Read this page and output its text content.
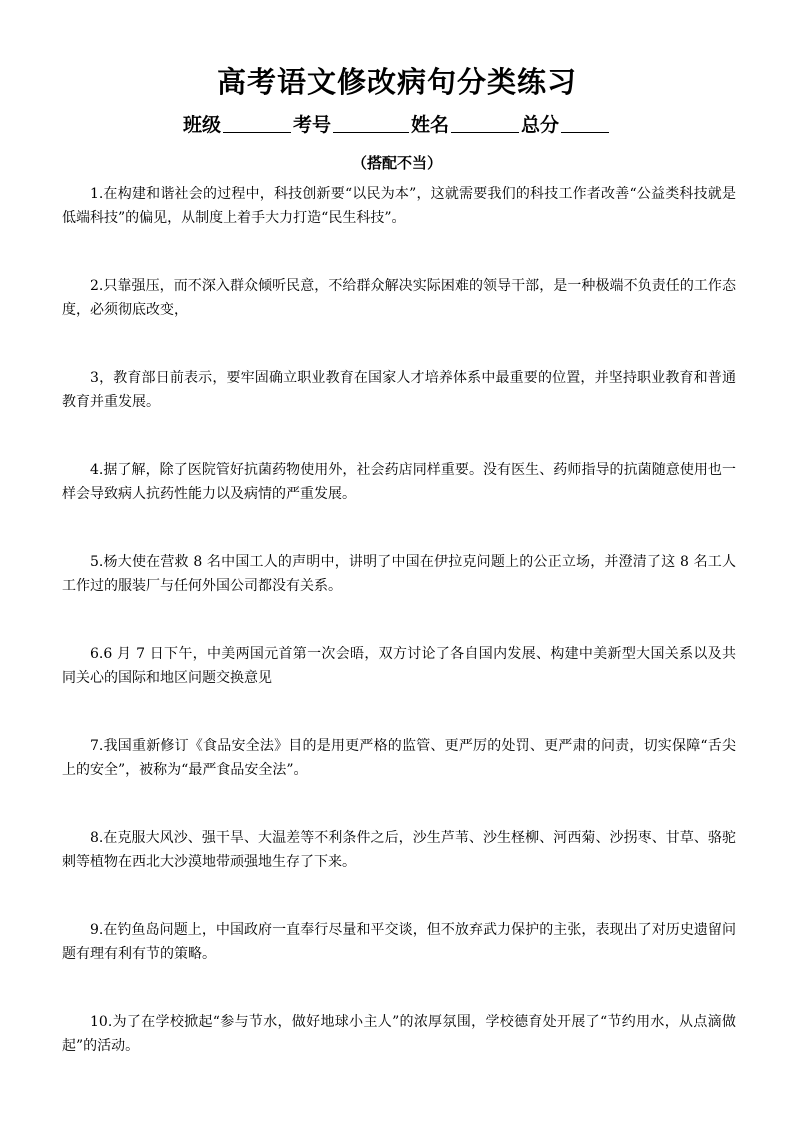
高考语文修改病句分类练习
班级	考号	姓名	总分
（搭配不当）

1.在构建和谐社会的过程中，科技创新要“以民为本”，这就需要我们的科技工作者改善“公益类科技就是低端科技”的偏见，从制度上着手大力打造“民生科技”。

2.只靠强压，而不深入群众倾听民意，不给群众解决实际困难的领导干部，是一种极端不负责任的工作态度，必须彻底改变，

3，教育部日前表示，要牢固确立职业教育在国家人才培养体系中最重要的位置，并坚持职业教育和普通教育并重发展。

4.据了解，除了医院管好抗菌药物使用外，社会药店同样重要。没有医生、药师指导的抗菌随意使用也一样会导致病人抗药性能力以及病情的严重发展。

5.杨大使在营救 8 名中国工人的声明中，讲明了中国在伊拉克问题上的公正立场，并澄清了这 8 名工人工作过的服装厂与任何外国公司都没有关系。

6.6 月 7 日下午，中美两国元首第一次会晤，双方讨论了各自国内发展、构建中美新型大国关系以及共同关心的国际和地区问题交换意见

7.我国重新修订《食品安全法》目的是用更严格的监管、更严厉的处罚、更严肃的问责，切实保障“舌尖上的安全”，被称为“最严食品安全法”。

8.在克服大风沙、强干旱、大温差等不利条件之后，沙生芦苇、沙生柽柳、河西菊、沙拐枣、甘草、骆驼刺等植物在西北大沙漠地带顽强地生存了下来。

9.在钓鱼岛问题上，中国政府一直奉行尽量和平交谈，但不放弃武力保护的主张，表现出了对历史遗留问题有理有利有节的策略。

10.为了在学校掀起“参与节水，做好地球小主人”的浓厚氛围，学校德育处开展了“节约用水，从点滴做起”的活动。
